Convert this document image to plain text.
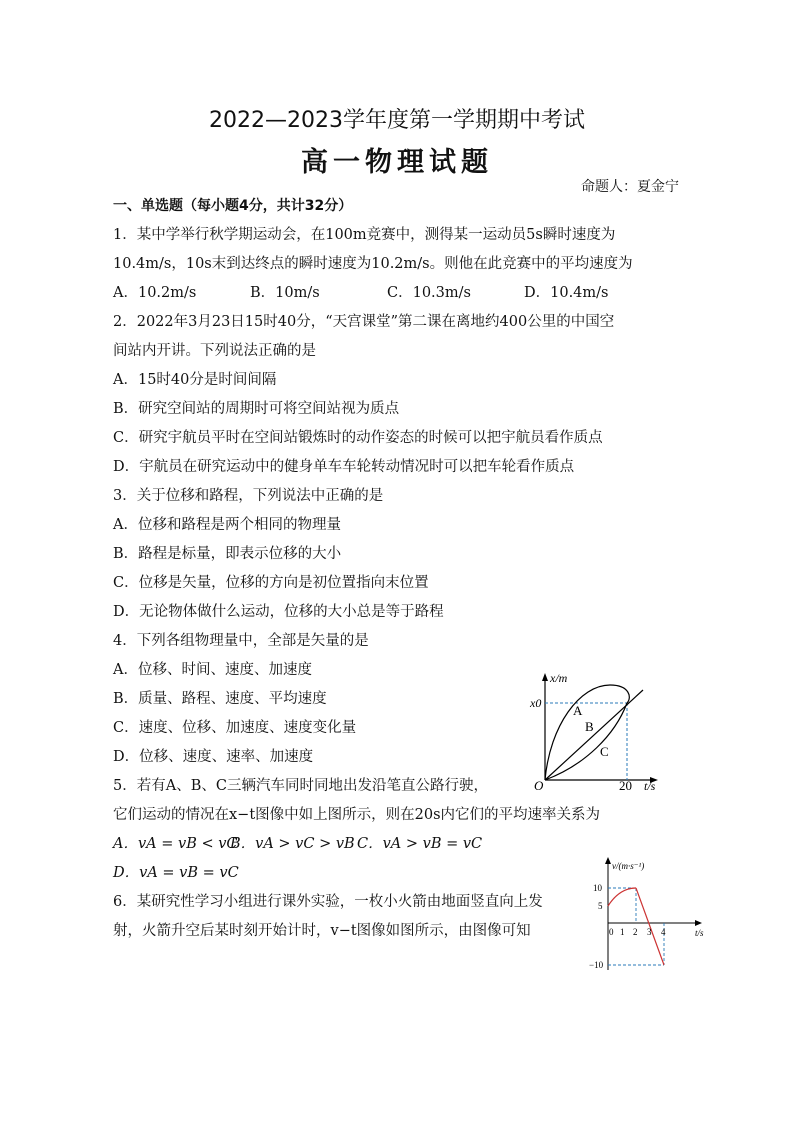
2022—2023学年度第一学期期中考试
高一物理试题
命题人：夏金宁
一、单选题（每小题4分，共计32分）
1．某中学举行秋学期运动会，在100m竞赛中，测得某一运动员5s瞬时速度为
10.4m/s，10s末到达终点的瞬时速度为10.2m/s。则他在此竞赛中的平均速度为
A．10.2m/s	B．10m/s	C．10.3m/s	D．10.4m/s
2．2022年3月23日15时40分，“天宫课堂”第二课在离地约400公里的中国空
间站内开讲。下列说法正确的是
A．15时40分是时间间隔
B．研究空间站的周期时可将空间站视为质点
C．研究宇航员平时在空间站锻炼时的动作姿态的时候可以把宇航员看作质点
D．宇航员在研究运动中的健身单车车轮转动情况时可以把车轮看作质点
3．关于位移和路程，下列说法中正确的是
A．位移和路程是两个相同的物理量
B．路程是标量，即表示位移的大小
C．位移是矢量，位移的方向是初位置指向末位置
D．无论物体做什么运动，位移的大小总是等于路程
4．下列各组物理量中，全部是矢量的是
A．位移、时间、速度、加速度
B．质量、路程、速度、平均速度
C．速度、位移、加速度、速度变化量
D．位移、速度、速率、加速度
5．若有A、B、C三辆汽车同时同地出发沿笔直公路行驶，
它们运动的情况在x−t图像中如上图所示，则在20s内它们的平均速率关系为
A．vA = vB < vCB．vA > vC > vB C．vA > vB = vC
D．vA = vB = vC
6．某研究性学习小组进行课外实验，一枚小火箭由地面竖直向上发
射，火箭升空后某时刻开始计时，v−t图像如图所示，由图像可知
x/m
x0 A
B
C
O	20 t/s
v/(m·s⁻¹)
10
5
−10
0 1 2 3 4	t/s
